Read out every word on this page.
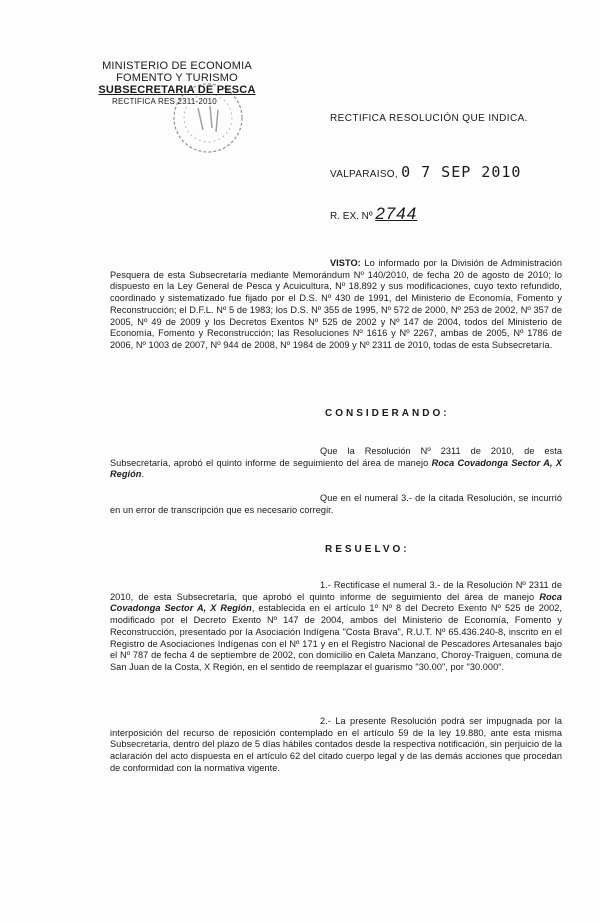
MINISTERIO DE ECONOMIA
FOMENTO Y TURISMO
SUBSECRETARIA DE PESCA
RECTIFICA RES 2311-2010
RECTIFICA RESOLUCIÓN QUE INDICA.
VALPARAISO, 0 7 SEP 2010
R. EX. Nº 2744
VISTO: Lo informado por la División de Administración Pesquera de esta Subsecretaría mediante Memorándum Nº 140/2010, de fecha 20 de agosto de 2010; lo dispuesto en la Ley General de Pesca y Acuicultura, Nº 18.892 y sus modificaciones, cuyo texto refundido, coordinado y sistematizado fue fijado por el D.S. Nº 430 de 1991, del Ministerio de Economía, Fomento y Reconstrucción; el D.F.L. Nº 5 de 1983; los D.S. Nº 355 de 1995, Nº 572 de 2000, Nº 253 de 2002, Nº 357 de 2005, Nº 49 de 2009 y los Decretos Exentos Nº 525 de 2002 y Nº 147 de 2004, todos del Ministerio de Economía, Fomento y Reconstrucción; las Resoluciones Nº 1616 y Nº 2267, ambas de 2005, Nº 1786 de 2006, Nº 1003 de 2007, Nº 944 de 2008, Nº 1984 de 2009 y Nº 2311 de 2010, todas de esta Subsecretaría.
CONSIDERANDO:
Que la Resolución Nº 2311 de 2010, de esta Subsecretaría, aprobó el quinto informe de seguimiento del área de manejo Roca Covadonga Sector A, X Región.
Que en el numeral 3.- de la citada Resolución, se incurrió en un error de transcripción que es necesario corregir.
RESUELVO:
1.- Rectifícase el numeral 3.- de la Resolución Nº 2311 de 2010, de esta Subsecretaría, que aprobó el quinto informe de seguimiento del área de manejo Roca Covadonga Sector A, X Región, establecida en el artículo 1º Nº 8 del Decreto Exento Nº 525 de 2002, modificado por el Decreto Exento Nº 147 de 2004, ambos del Ministerio de Economía, Fomento y Reconstrucción, presentado por la Asociación Indígena "Costa Brava", R.U.T. Nº 65.436.240-8, inscrito en el Registro de Asociaciones Indígenas con el Nº 171 y en el Registro Nacional de Pescadores Artesanales bajo el Nº 787 de fecha 4 de septiembre de 2002, con domicilio en Caleta Manzano, Choroy-Traiguen, comuna de San Juan de la Costa, X Región, en el sentido de reemplazar el guarismo "30.00", por "30.000".
2.- La presente Resolución podrá ser impugnada por la interposición del recurso de reposición contemplado en el artículo 59 de la ley 19.880, ante esta misma Subsecretaría, dentro del plazo de 5 días hábiles contados desde la respectiva notificación, sin perjuicio de la aclaración del acto dispuesta en el artículo 62 del citado cuerpo legal y de las demás acciones que procedan de conformidad con la normativa vigente.
